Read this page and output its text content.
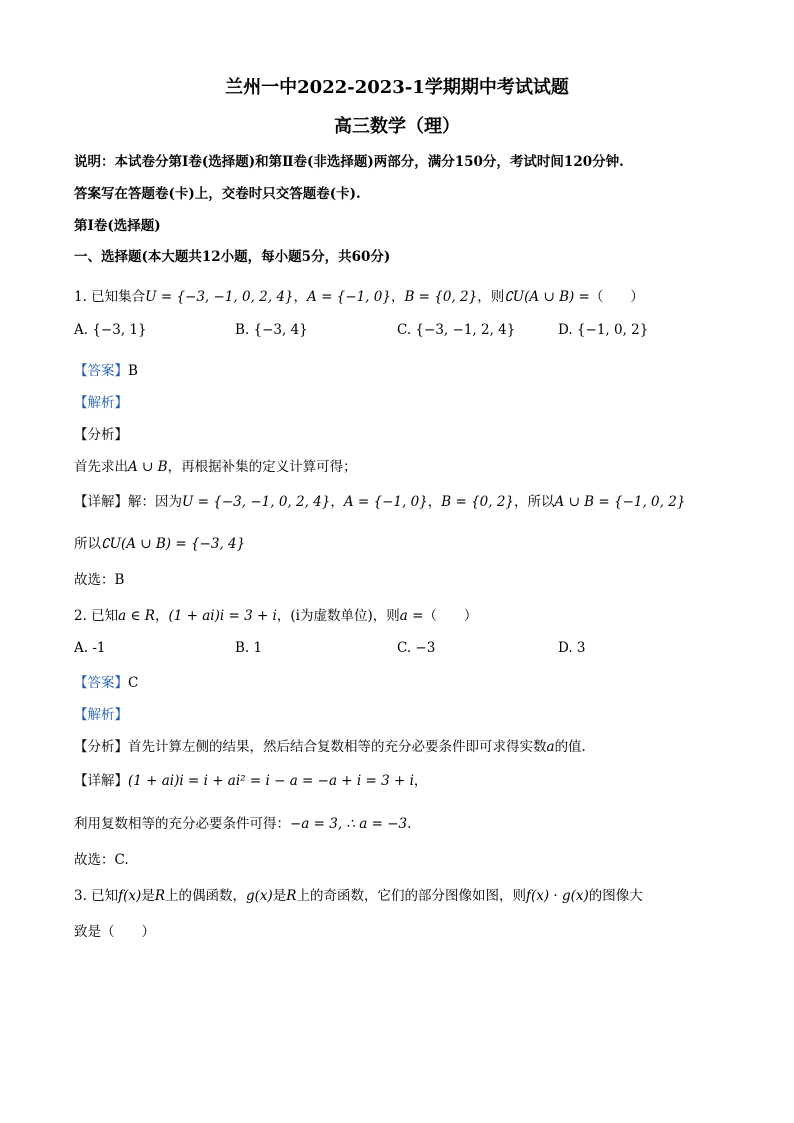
兰州一中2022-2023-1学期期中考试试题
高三数学（理）
说明：本试卷分第Ⅰ卷(选择题)和第Ⅱ卷(非选择题)两部分，满分150分，考试时间120分钟.
答案写在答题卷(卡)上，交卷时只交答题卷(卡).
第Ⅰ卷(选择题)
一、选择题(本大题共12小题，每小题5分，共60分)
1. 已知集合U = {−3, −1, 0, 2, 4}，A = {−1, 0}，B = {0, 2}，则∁U(A ∪ B) =（　　）
A. {−3, 1}	B. {−3, 4}	C. {−3, −1, 2, 4}	D. {−1, 0, 2}
【答案】B
【解析】
【分析】
首先求出A ∪ B，再根据补集的定义计算可得；
【详解】解：因为U = {−3, −1, 0, 2, 4}，A = {−1, 0}，B = {0, 2}，所以A ∪ B = {−1, 0, 2}
所以∁U(A ∪ B) = {−3, 4}
故选：B
2. 已知a ∈ R，(1 + ai)i = 3 + i，(i为虚数单位)，则a =（　　）
A. -1	B. 1	C. −3	D. 3
【答案】C
【解析】
【分析】首先计算左侧的结果，然后结合复数相等的充分必要条件即可求得实数a的值.
【详解】(1 + ai)i = i + ai² = i − a = −a + i = 3 + i，
利用复数相等的充分必要条件可得：−a = 3, ∴ a = −3.
故选：C.
3. 已知f(x)是R上的偶函数，g(x)是R上的奇函数，它们的部分图像如图，则f(x) · g(x)的图像大
致是（　　）
